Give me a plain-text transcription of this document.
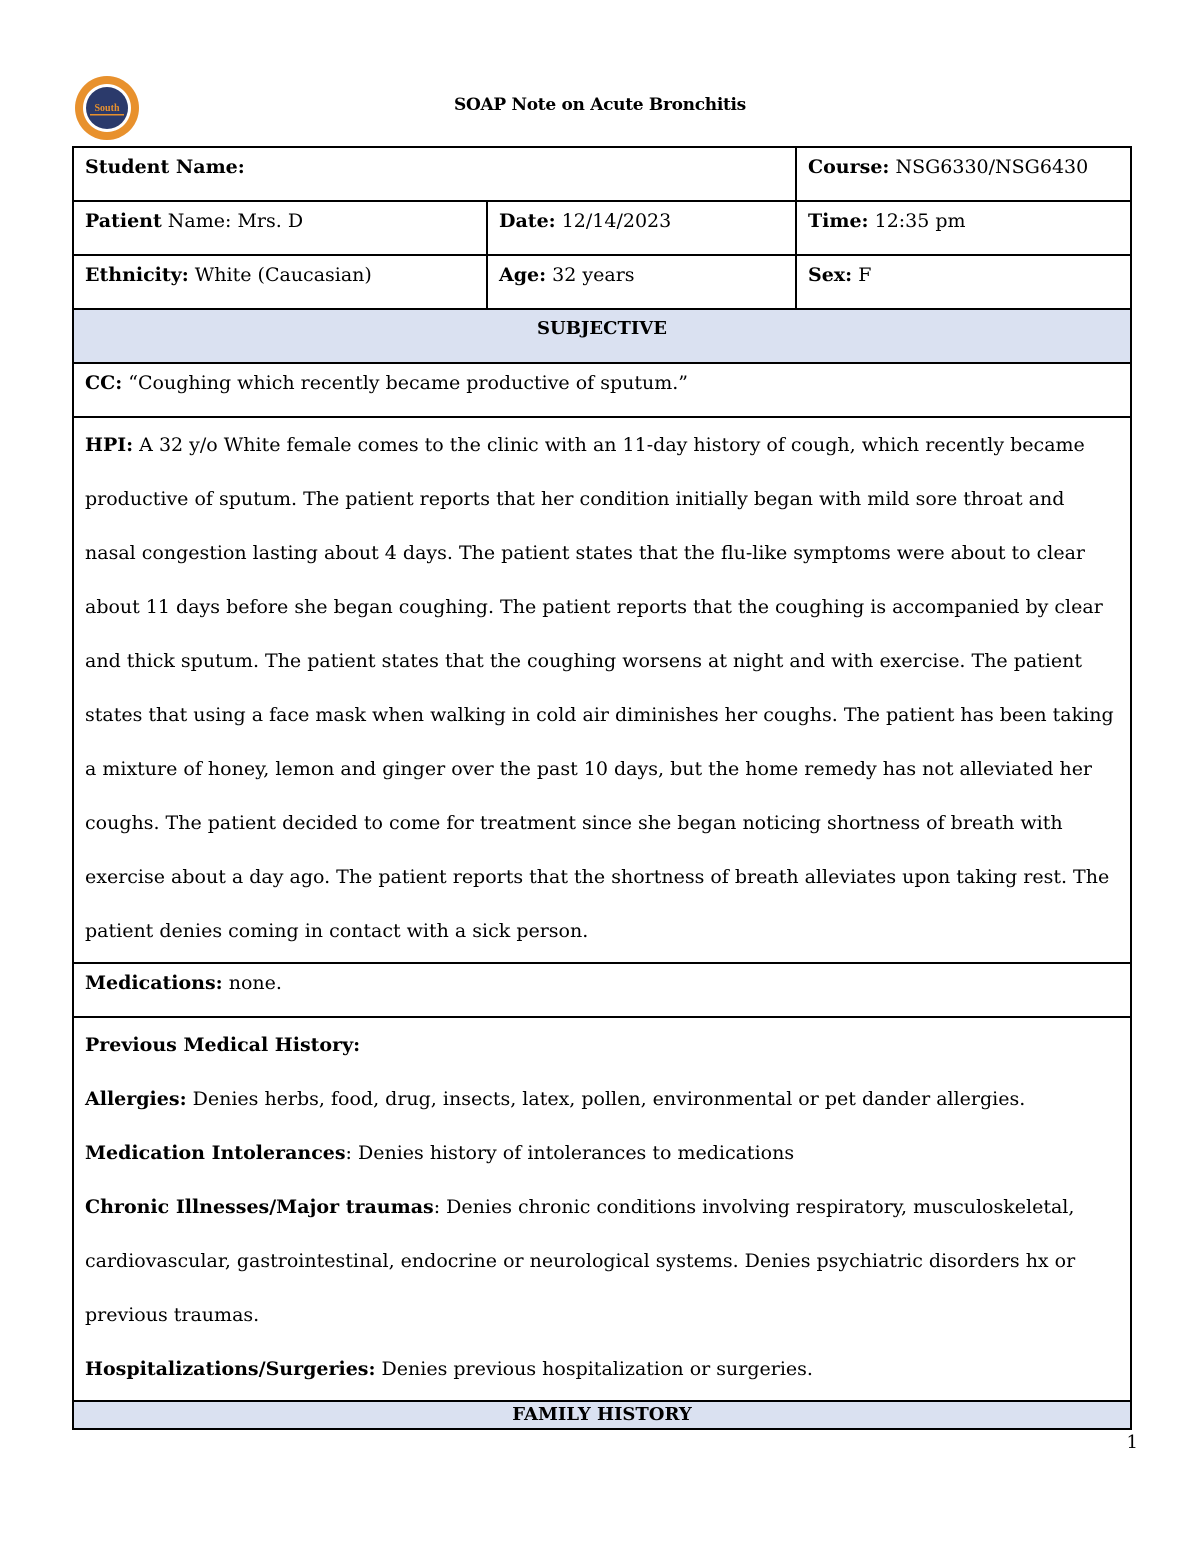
South	SOAP Note on Acute Bronchitis
Student Name:		Course: NSG6330/NSG6430
Patient Name: Mrs. D	Date: 12/14/2023	Time: 12:35 pm
Ethnicity: White (Caucasian)	Age: 32 years	Sex: F
SUBJECTIVE		
CC: “Coughing which recently became productive of sputum.”		

HPI: A 32 y/o White female comes to the clinic with an 11-day history of cough, which recently became productive of sputum. The patient reports that her condition initially began with mild sore throat and nasal congestion lasting about 4 days. The patient states that the flu-like symptoms were about to clear about 11 days before she began coughing. The patient reports that the coughing is accompanied by clear and thick sputum. The patient states that the coughing worsens at night and with exercise. The patient states that using a face mask when walking in cold air diminishes her coughs. The patient has been taking a mixture of honey, lemon and ginger over the past 10 days, but the home remedy has not alleviated her coughs. The patient decided to come for treatment since she began noticing shortness of breath with exercise about a day ago. The patient reports that the shortness of breath alleviates upon taking rest. The patient denies coming in contact with a sick person.		

Medications: none.		

Previous Medical History:

Allergies: Denies herbs, food, drug, insects, latex, pollen, environmental or pet dander allergies.

Medication Intolerances: Denies history of intolerances to medications

Chronic Illnesses/Major traumas: Denies chronic conditions involving respiratory, musculoskeletal, cardiovascular, gastrointestinal, endocrine or neurological systems. Denies psychiatric disorders hx or previous traumas.

Hospitalizations/Surgeries: Denies previous hospitalization or surgeries.		

FAMILY HISTORY		
1
